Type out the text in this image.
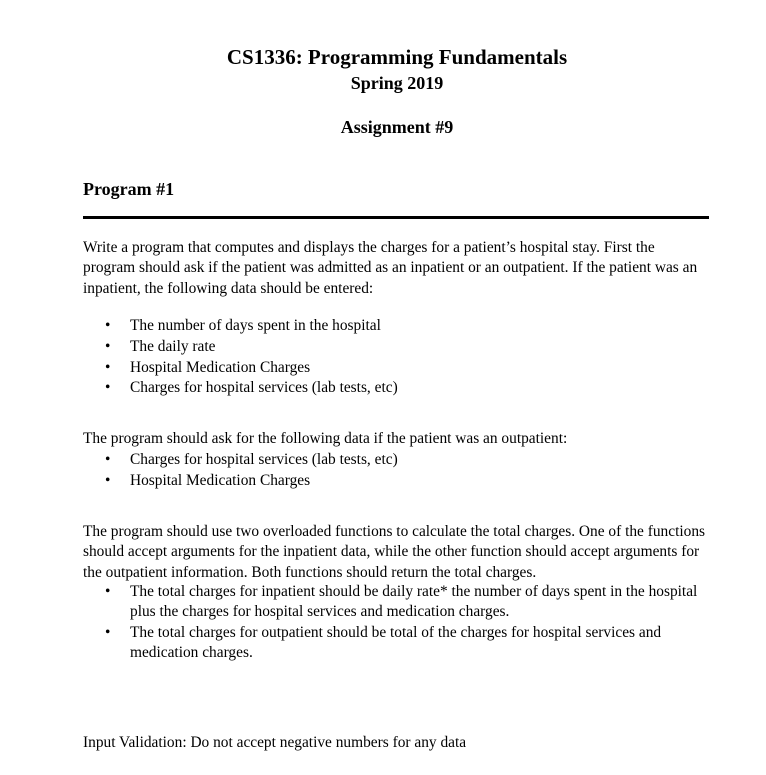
CS1336: Programming Fundamentals
Spring 2019
Assignment #9
Program #1

Write a program that computes and displays the charges for a patient’s hospital stay. First the program should ask if the patient was admitted as an inpatient or an outpatient. If the patient was an inpatient, the following data should be entered:

• The number of days spent in the hospital
• The daily rate
• Hospital Medication Charges
• Charges for hospital services (lab tests, etc)

The program should ask for the following data if the patient was an outpatient:

• Charges for hospital services (lab tests, etc)
• Hospital Medication Charges

The program should use two overloaded functions to calculate the total charges. One of the functions should accept arguments for the inpatient data, while the other function should accept arguments for the outpatient information. Both functions should return the total charges.

• The total charges for inpatient should be daily rate* the number of days spent in the hospital plus the charges for hospital services and medication charges.
• The total charges for outpatient should be total of the charges for hospital services and medication charges.

Input Validation: Do not accept negative numbers for any data
